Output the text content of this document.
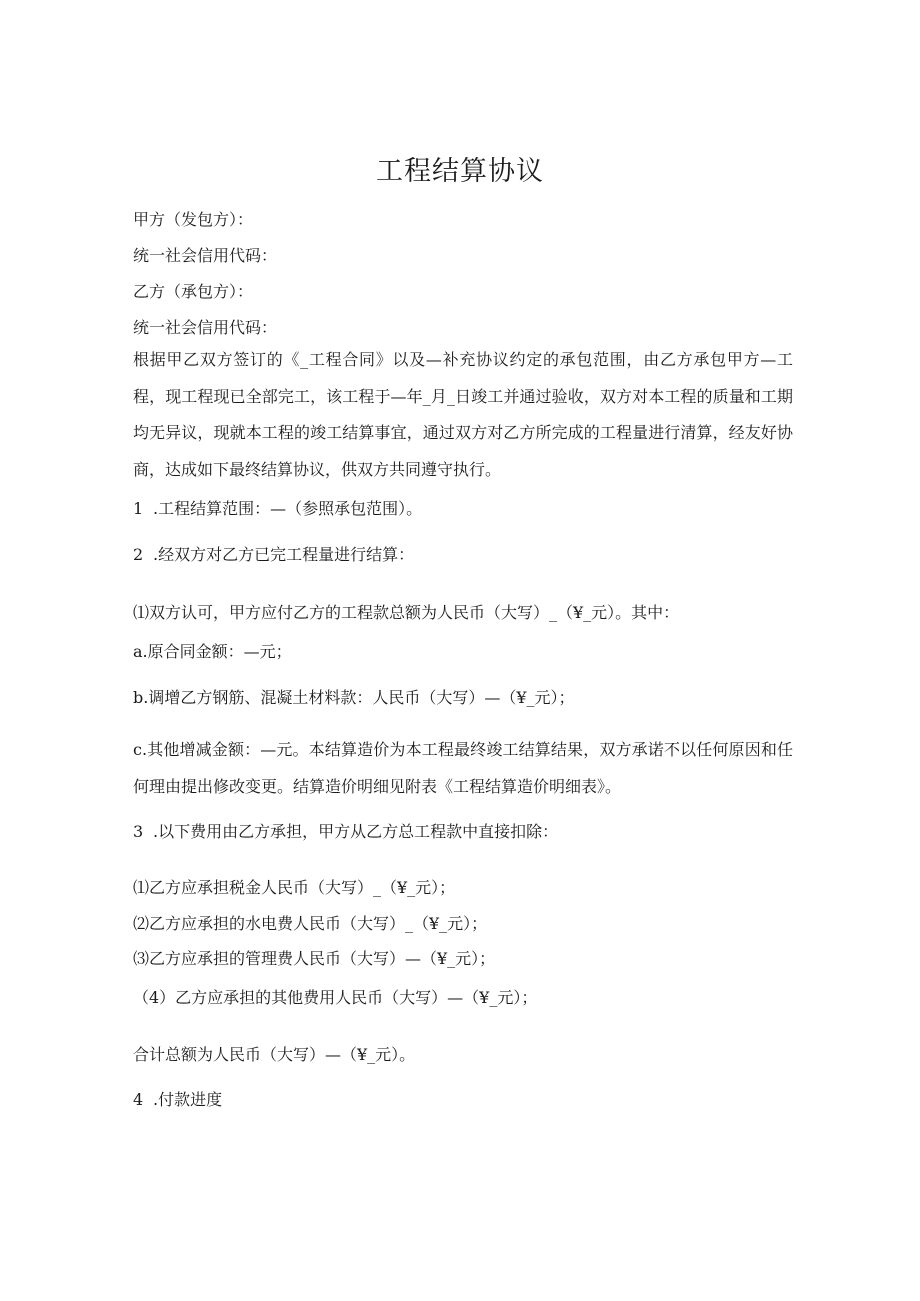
工程结算协议
甲方（发包方）：
统一社会信用代码：
乙方（承包方）：
统一社会信用代码：
根据甲乙双方签订的《_工程合同》以及—补充协议约定的承包范围，由乙方承包甲方—工程，现工程现已全部完工，该工程于—年_月_日竣工并通过验收，双方对本工程的质量和工期均无异议，现就本工程的竣工结算事宜，通过双方对乙方所完成的工程量进行清算，经友好协商，达成如下最终结算协议，供双方共同遵守执行。
1 .工程结算范围：—（参照承包范围）。
2 .经双方对乙方已完工程量进行结算：
⑴双方认可，甲方应付乙方的工程款总额为人民币（大写）_（¥_元）。其中：
a.原合同金额：—元；
b.调增乙方钢筋、混凝土材料款：人民币（大写）—（¥_元）；
c.其他增减金额：—元。本结算造价为本工程最终竣工结算结果，双方承诺不以任何原因和任何理由提出修改变更。结算造价明细见附表《工程结算造价明细表》。
3 .以下费用由乙方承担，甲方从乙方总工程款中直接扣除：
⑴乙方应承担税金人民币（大写）_（¥_元）；
⑵乙方应承担的水电费人民币（大写）_（¥_元）；
⑶乙方应承担的管理费人民币（大写）—（¥_元）；
（4）乙方应承担的其他费用人民币（大写）—（¥_元）；
合计总额为人民币（大写）—（¥_元）。
4 .付款进度
